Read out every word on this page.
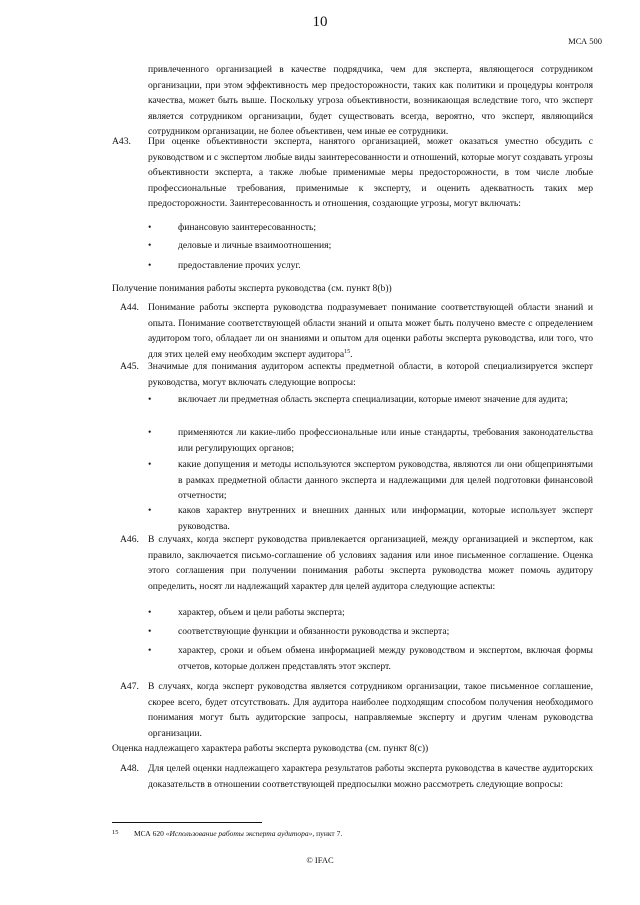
10
МСА 500

привлеченного организацией в качестве подрядчика, чем для эксперта, являющегося сотрудником организации, при этом эффективность мер предосторожности, таких как политики и процедуры контроля качества, может быть выше. Поскольку угроза объективности, возникающая вследствие того, что эксперт является сотрудником организации, будет существовать всегда, вероятно, что эксперт, являющийся сотрудником организации, не более объективен, чем иные ее сотрудники.

A43. При оценке объективности эксперта, нанятого организацией, может оказаться уместно обсудить с руководством и с экспертом любые виды заинтересованности и отношений, которые могут создавать угрозы объективности эксперта, а также любые применимые меры предосторожности, в том числе любые профессиональные требования, применимые к эксперту, и оценить адекватность таких мер предосторожности. Заинтересованность и отношения, создающие угрозы, могут включать:

•	финансовую заинтересованность;
•	деловые и личные взаимоотношения;
•	предоставление прочих услуг.
Получение понимания работы эксперта руководства (см. пункт 8(b))
A44. Понимание работы эксперта руководства подразумевает понимание соответствующей области знаний и опыта. Понимание соответствующей области знаний и опыта может быть получено вместе с определением аудитором того, обладает ли он знаниями и опытом для оценки работы эксперта руководства, или того, что для этих целей ему необходим эксперт аудитора$^{15}$.

A45. Значимые для понимания аудитором аспекты предметной области, в которой специализируется эксперт руководства, могут включать следующие вопросы:

•	включает ли предметная область эксперта специализации, которые имеют значение для аудита;
•	применяются ли какие-либо профессиональные или иные стандарты, требования законодательства или регулирующих органов;
•	какие допущения и методы используются экспертом руководства, являются ли они общепринятыми в рамках предметной области данного эксперта и надлежащими для целей подготовки финансовой отчетности;
•	каков характер внутренних и внешних данных или информации, которые использует эксперт руководства.
A46. В случаях, когда эксперт руководства привлекается организацией, между организацией и экспертом, как правило, заключается письмо-соглашение об условиях задания или иное письменное соглашение. Оценка этого соглашения при получении понимания работы эксперта руководства может помочь аудитору определить, носят ли надлежащий характер для целей аудитора следующие аспекты:

•	характер, объем и цели работы эксперта;
•	соответствующие функции и обязанности руководства и эксперта;
•	характер, сроки и объем обмена информацией между руководством и экспертом, включая формы отчетов, которые должен представлять этот эксперт.
A47. В случаях, когда эксперт руководства является сотрудником организации, такое письменное соглашение, скорее всего, будет отсутствовать. Для аудитора наиболее подходящим способом получения необходимого понимания могут быть аудиторские запросы, направляемые эксперту и другим членам руководства организации.

Оценка надлежащего характера работы эксперта руководства (см. пункт 8(c))
A48. Для целей оценки надлежащего характера результатов работы эксперта руководства в качестве аудиторских доказательств в отношении соответствующей предпосылки можно рассмотреть следующие вопросы:

15 МСА 620 «Использование работы эксперта аудитора», пункт 7.
© IFAC
